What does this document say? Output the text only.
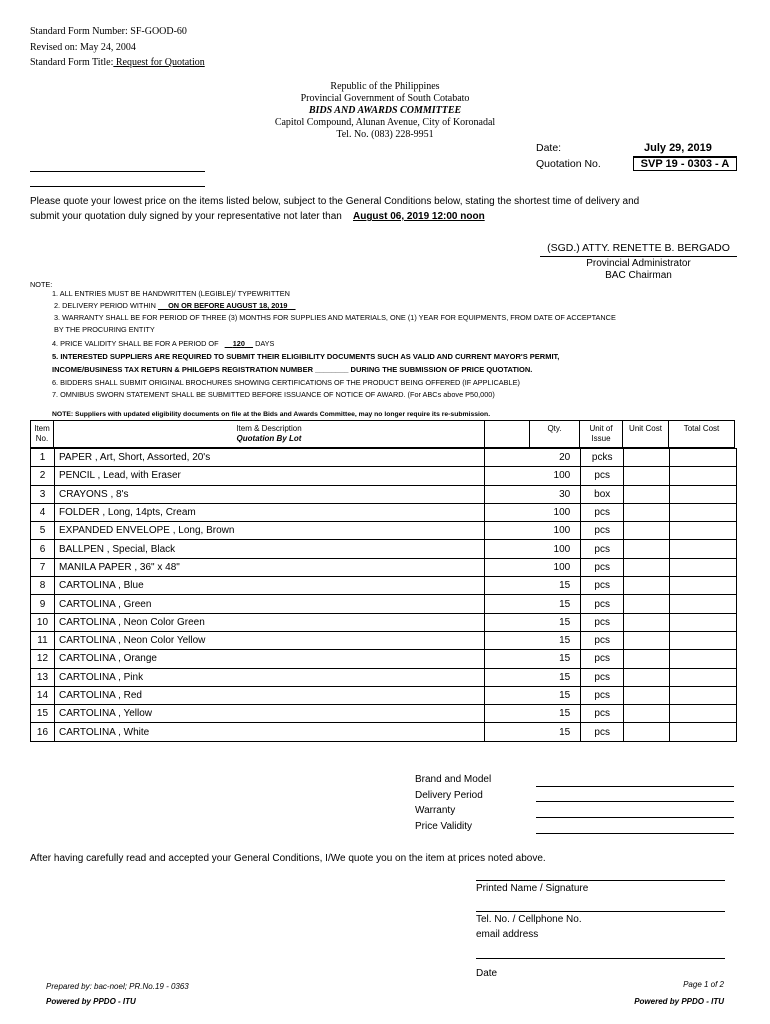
Standard Form Number: SF-GOOD-60
Revised on: May 24, 2004
Standard Form Title: Request for Quotation
Republic of the Philippines
Provincial Government of South Cotabato
BIDS AND AWARDS COMMITTEE
Capitol Compound, Alunan Avenue, City of Koronadal
Tel. No. (083) 228-9951
Date:	July 29, 2019
Quotation No.	SVP 19 - 0303 - A
Please quote your lowest price on the items listed below, subject to the General Conditions below, stating the shortest time of delivery and
submit your quotation duly signed by your representative not later than August 06, 2019 12:00 noon
(SGD.) ATTY. RENETTE B. BERGADO
Provincial Administrator
BAC Chairman
NOTE:
1. ALL ENTRIES MUST BE HANDWRITTEN (LEGIBLE)/ TYPEWRITTEN
2. DELIVERY PERIOD WITHIN ON OR BEFORE AUGUST 18, 2019
3. WARRANTY SHALL BE FOR PERIOD OF THREE (3) MONTHS FOR SUPPLIES AND MATERIALS, ONE (1) YEAR FOR EQUIPMENTS, FROM DATE OF ACCEPTANCE
BY THE PROCURING ENTITY
4. PRICE VALIDITY SHALL BE FOR A PERIOD OF 120 DAYS
5. INTERESTED SUPPLIERS ARE REQUIRED TO SUBMIT THEIR ELIGIBILITY DOCUMENTS SUCH AS VALID AND CURRENT MAYOR'S PERMIT,
INCOME/BUSINESS TAX RETURN & PHILGEPS REGISTRATION NUMBER ________ DURING THE SUBMISSION OF PRICE QUOTATION.
6. BIDDERS SHALL SUBMIT ORIGINAL BROCHURES SHOWING CERTIFICATIONS OF THE PRODUCT BEING OFFERED (IF APPLICABLE)
7. OMNIBUS SWORN STATEMENT SHALL BE SUBMITTED BEFORE ISSUANCE OF NOTICE OF AWARD. (For ABCs above P50,000)
NOTE: Suppliers with updated eligibility documents on file at the Bids and Awards Committee, may no longer require its re-submission.
Item
No.
Item & Description
Quotation By Lot
Qty.	Unit of
Issue
Unit Cost	Total Cost
1	PAPER , Art, Short, Assorted, 20's	20	pcks		
2	PENCIL , Lead, with Eraser	100	pcs		
3	CRAYONS , 8's	30	box		
4	FOLDER , Long, 14pts, Cream	100	pcs		
5	EXPANDED ENVELOPE , Long, Brown	100	pcs		
6	BALLPEN , Special, Black	100	pcs		
7	MANILA PAPER , 36" x 48"	100	pcs		
8	CARTOLINA , Blue	15	pcs		
9	CARTOLINA , Green	15	pcs		
10	CARTOLINA , Neon Color Green	15	pcs		
11	CARTOLINA , Neon Color Yellow	15	pcs		
12	CARTOLINA , Orange	15	pcs		
13	CARTOLINA , Pink	15	pcs		
14	CARTOLINA , Red	15	pcs		
15	CARTOLINA , Yellow	15	pcs		
16	CARTOLINA , White	15	pcs		
Brand and Model
Delivery Period
Warranty
Price Validity
After having carefully read and accepted your General Conditions, I/We quote you on the item at prices noted above.
Printed Name / Signature
Tel. No. / Cellphone No.
email address
Date
Prepared by: bac-noel; PR.No.19 - 0363
Powered by PPDO - ITU
Page 1 of 2
Powered by PPDO - ITU
